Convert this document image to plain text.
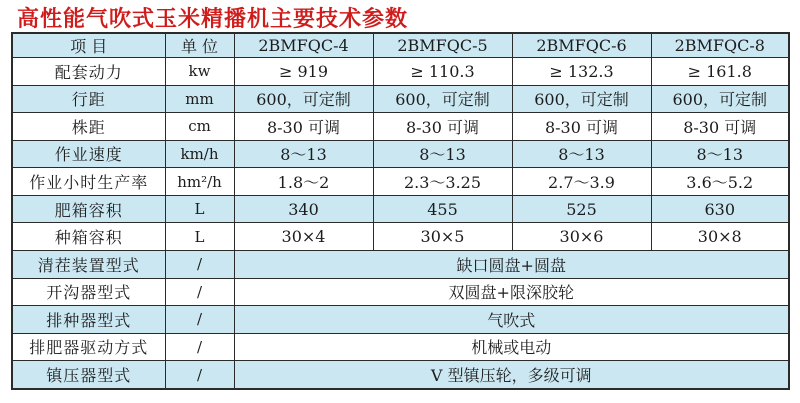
高性能气吹式玉米精播机主要技术参数
项 目	单 位	2BMFQC-4	2BMFQC-5	2BMFQC-6	2BMFQC-8
配套动力	kw	≥ 919	≥ 110.3	≥ 132.3	≥ 161.8
行距	mm	600，可定制	600，可定制	600，可定制	600，可定制
株距	cm	8-30 可调	8-30 可调	8-30 可调	8-30 可调
作业速度	km/h	8～13	8～13	8～13	8～13
作业小时生产率	hm²/h	1.8～2	2.3～3.25	2.7～3.9	3.6～5.2
肥箱容积	L	340	455	525	630
种箱容积	L	30×4	30×5	30×6	30×8
清茬装置型式	/	缺口圆盘+圆盘			
开沟器型式	/	双圆盘+限深胶轮			
排种器型式	/	气吹式			
排肥器驱动方式	/	机械或电动			
镇压器型式	/	V 型镇压轮，多级可调			
